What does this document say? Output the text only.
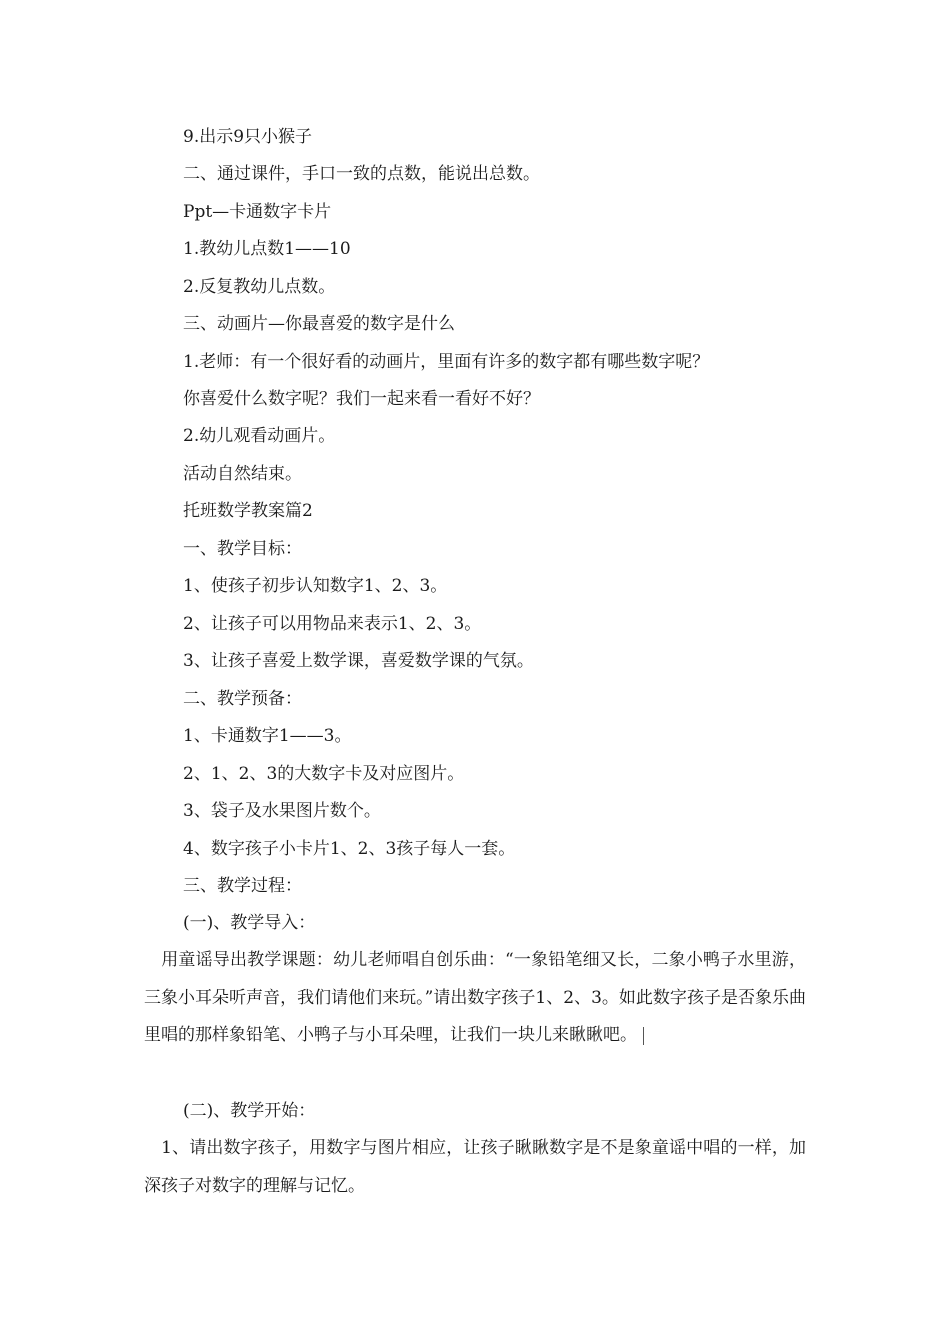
9.出示9只小猴子
二、通过课件，手口一致的点数，能说出总数。
Ppt—卡通数字卡片
1.教幼儿点数1——10
2.反复教幼儿点数。
三、动画片—你最喜爱的数字是什么
1.老师：有一个很好看的动画片，里面有许多的数字都有哪些数字呢？
你喜爱什么数字呢？我们一起来看一看好不好？
2.幼儿观看动画片。
活动自然结束。
托班数学教案篇2
一、教学目标：
1、使孩子初步认知数字1、2、3。
2、让孩子可以用物品来表示1、2、3。
3、让孩子喜爱上数学课，喜爱数学课的气氛。
二、教学预备：
1、卡通数字1——3。
2、1、2、3的大数字卡及对应图片。
3、袋子及水果图片数个。
4、数字孩子小卡片1、2、3孩子每人一套。
三、教学过程：
(一)、教学导入：
　用童谣导出教学课题：幼儿老师唱自创乐曲：“一象铅笔细又长，二象小鸭子水里游，三象小耳朵听声音，我们请他们来玩。”请出数字孩子1、2、3。如此数字孩子是否象乐曲里唱的那样象铅笔、小鸭子与小耳朵哩，让我们一块儿来瞅瞅吧。
(二)、教学开始：
　1、请出数字孩子，用数字与图片相应，让孩子瞅瞅数字是不是象童谣中唱的一样，加深孩子对数字的理解与记忆。
